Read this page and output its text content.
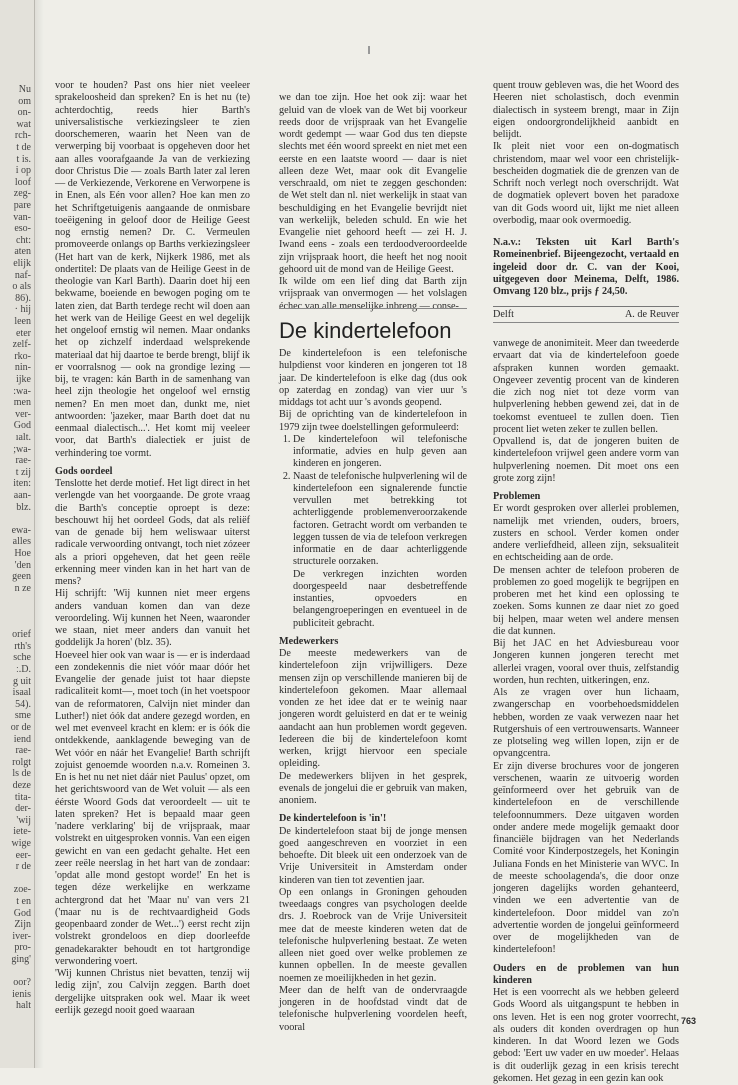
Nu
om
on-
wat
rch-
t de
t is.
i op
loof
zeg-
pare
van-
eso-
cht:
aten
elijk
naf-
o als
86).
· hij
leen
eter
zelf-
rko-
nin-
ijke
:wa-
men
ver-
God
ıalt.
;wa-
rae-
t zij
iten:
aan-
blz.
ewa-
alles
Hoe
'den
geen
n ze
orief
rth's
sche
ː.D.
g uit
isaal
54).
sme
or de
iend
rae-
rolgt
ls de
deze
tita-
der-
'wij
iete-
wige
eer-
r de
zoe-
t en
God
Zijn
iver-
pro-
ging'
oor?
ienis
halt

voor te houden? Past ons hier niet veeleer sprakeloosheid dan spreken? En is het nu (te) achterdochtig, reeds hier Barth's universalistische verkiezingsleer te zien doorschemeren, waarin het Neen van de verwerping bij voorbaat is opgeheven door het aan alles voorafgaande Ja van de verkiezing door Christus Die — zoals Barth later zal leren — de Verkiezende, Verkorene en Verworpene is in Enen, als Eén voor allen? Hoe kan men zo het Schriftgetuigenis aangaande de onmisbare toeëigening in geloof door de Heilige Geest nog ernstig nemen? Dr. C. Vermeulen promoveerde onlangs op Barths verkiezingsleer (Het hart van de kerk, Nijkerk 1986, met als ondertitel: De plaats van de Heilige Geest in de theologie van Karl Barth). Daarin doet hij een bekwame, boeiende en bewogen poging om te laten zien, dat Barth terdege recht wil doen aan het werk van de Heilige Geest en wel degelijk het ongeloof ernstig wil nemen. Maar ondanks het op zichzelf inderdaad welsprekende materiaal dat hij daartoe te berde brengt, blijf ik er voorralsnog — ook na grondige lezing — bij, te vragen: kán Barth in de samenhang van heel zijn theologie het ongeloof wel ernstig nemen? En men moet dan, dunkt me, niet antwoorden: 'jazeker, maar Barth doet dat nu eenmaal dialectisch...'. Het komt mij veeleer voor, dat Barth's dialectiek er juist de verhindering toe vormt.

Gods oordeel

Tenslotte het derde motief. Het ligt direct in het verlengde van het voorgaande. De grote vraag die Barth's conceptie oproept is deze: beschouwt hij het oordeel Gods, dat als reliëf van de genade bij hem weliswaar uiterst radicale verwoording ontvangt, toch niet zózeer als a priori opgeheven, dat het geen reële erkenning meer vinden kan in het hart van de mens?

Hij schrijft: 'Wij kunnen niet meer ergens anders vanduan komen dan van deze veroordeling. Wij kunnen het Neen, waaronder we staan, niet meer anders dan vanuit het goddelijk Ja horen' (blz. 35).

Hoeveel hier ook van waar is — er is inderdaad een zondekennis die niet vóór maar dóór het Evangelie der genade juist tot haar diepste radicaliteit komt—, moet toch (in het voetspoor van de reformatoren, Calvijn niet minder dan Luther!) niet óók dat andere gezegd worden, en wel met evenveel kracht en klem: er is óók die ontdekkende, aanklagende beweging van de Wet vóór en náár het Evangelie! Barth schrijft zojuist genoemde woorden n.a.v. Romeinen 3. En is het nu net niet dáár niet Paulus' opzet, om het gerichtswoord van de Wet voluit — als een éérste Woord Gods dat veroordeelt — uit te laten spreken? Het is bepaald maar geen 'nadere verklaring' bij de vrijspraak, maar volstrekt en uitgesproken vonnis. Van een eigen gewicht en van een gedacht gehalte. Het een zeer reële neerslag in het hart van de zondaar: 'opdat alle mond gestopt worde!' En het is tegen déze werkelijke en werkzame achtergrond dat het 'Maar nu' van vers 21 ('maar nu is de rechtvaardigheid Gods geopenbaard zonder de Wet...') eerst recht zijn volstrekt grondeloos en diep doorleefde genadekarakter behoudt en tot hartgrondige verwondering voert.

'Wij kunnen Christus niet bevatten, tenzij wij ledig zijn', zou Calvijn zeggen. Barth doet dergelijke uitspraken ook wel. Maar ik weet eerlijk gezegd nooit goed waaraan

we dan toe zijn. Hoe het ook zij: waar het geluid van de vloek van de Wet bij voorkeur reeds door de vrijspraak van het Evangelie wordt gedempt — waar God dus ten diepste slechts met één woord spreekt en niet met een eerste en een laatste woord — daar is niet alleen deze Wet, maar ook dit Evangelie verschraald, om niet te zeggen geschonden: de Wet stelt dan nl. niet werkelijk in staat van beschuldiging en het Evangelie bevrijdt niet van werkelijk, beleden schuld. En wie het Evangelie niet gehoord heeft — zei H. J. Iwand eens - zoals een terdoodveroordeelde zijn vrijspraak hoort, die heeft het nog nooit gehoord uit de mond van de Heilige Geest.
Ik wilde om een lief ding dat Barth zijn vrijspraak van onvermogen — het volslagen échec van alle menselijke inbreng — conse-

quent trouw gebleven was, die het Woord des Heeren niet scholastisch, doch evenmin dialectisch in systeem brengt, maar in Zijn eigen ondoorgrondelijkheid aanbidt en belijdt.
Ik pleit niet voor een on-dogmatisch christendom, maar wel voor een christelijk-bescheiden dogmatiek die de grenzen van de Schrift noch verlegt noch overschrijdt. Wat de dogmatiek oplevert boven het paradoxe van dit Gods woord uit, lijkt me niet alleen overbodig, maar ook overmoedig.

N.a.v.: Teksten uit Karl Barth's Romeinenbrief. Bijeengezocht, vertaald en ingeleid door dr. C. van der Kooi, uitgegeven door Meinema, Delft, 1986. Omvang 120 blz., prijs ƒ 24,50.

Delft	A. de Reuver
De kindertelefoon

De kindertelefoon is een telefonische hulpdienst voor kinderen en jongeren tot 18 jaar. De kindertelefoon is elke dag (dus ook op zaterdag en zondag) van vier uur 's middags tot acht uur 's avonds geopend.
Bij de oprichting van de kindertelefoon in 1979 zijn twee doelstellingen geformuleerd:

1. De kindertelefoon wil telefonische informatie, advies en hulp geven aan kinderen en jongeren.
2. Naast de telefonische hulpverlening wil de kindertelefoon een signalerende functie vervullen met betrekking tot achterliggende problemenveroorzakende factoren. Getracht wordt om verbanden te leggen tussen de via de telefoon verkregen informatie en de daar achterliggende structurele oorzaken.
De verkregen inzichten worden doorgespeeld naar desbetreffende instanties, opvoeders en belangengroeperingen en eventueel in de publiciteit gebracht.

Medewerkers

De meeste medewerkers van de kindertelefoon zijn vrijwilligers. Deze mensen zijn op verschillende manieren bij de kindertelefoon gekomen. Maar allemaal vonden ze het idee dat er te weinig naar jongeren wordt geluisterd en dat er te weinig aandacht aan hun problemen wordt gegeven. Iedereen die bij de kindertelefoon komt werken, krijgt hiervoor een speciale opleiding.
De medewerkers blijven in het gesprek, evenals de jongelui die er gebruik van maken, anoniem.

De kindertelefoon is 'in'!

De kindertelefoon staat bij de jonge mensen goed aangeschreven en voorziet in een behoefte. Dit bleek uit een onderzoek van de Vrije Universiteit in Amsterdam onder kinderen van tien tot zeventien jaar.
Op een onlangs in Groningen gehouden tweedaags congres van psychologen deelde drs. J. Roebrock van de Vrije Universiteit mee dat de meeste kinderen weten dat de telefonische hulpverlening bestaat. Ze weten alleen niet goed over welke problemen ze kunnen opbellen. In de meeste gevallen noemen ze moeilijkheden in het gezin.
Meer dan de helft van de ondervraagde jongeren in de hoofdstad vindt dat de telefonische hulpverlening voordelen heeft, vooral

vanwege de anonimiteit. Meer dan tweederde ervaart dat via de kindertelefoon goede afspraken kunnen worden gemaakt. Ongeveer zeventig procent van de kinderen die zich nog niet tot deze vorm van hulpverlening hebben gewend zei, dat in de toekomst eventueel te zullen doen. Tien procent liet weten zeker te zullen bellen.
Opvallend is, dat de jongeren buiten de kindertelefoon vrijwel geen andere vorm van hulpverlening noemen. Dit moet ons een grote zorg zijn!

Problemen

Er wordt gesproken over allerlei problemen, namelijk met vrienden, ouders, broers, zusters en school. Verder komen onder andere verliefdheid, alleen zijn, seksualiteit en echtscheiding aan de orde.
De mensen achter de telefoon proberen de problemen zo goed mogelijk te begrijpen en proberen met het kind een oplossing te zoeken. Soms kunnen ze daar niet zo goed bij helpen, maar weten wel andere mensen die dat kunnen.
Bij het JAC en het Adviesbureau voor Jongeren kunnen jongeren terecht met allerlei vragen, vooral over thuis, zelfstandig worden, hun rechten, uitkeringen, enz.
Als ze vragen over hun lichaam, zwangerschap en voorbehoedsmiddelen hebben, worden ze vaak verwezen naar het Rutgershuis of een vertrouwensarts. Wanneer ze plotseling weg willen lopen, zijn er de opvangcentra.
Er zijn diverse brochures voor de jongeren verschenen, waarin ze uitvoerig worden geïnformeerd over het gebruik van de kindertelefoon en de verschillende telefoonnummers. Deze uitgaven worden onder andere mede mogelijk gemaakt door financiële bijdragen van het Nederlands Comité voor Kinderpostzegels, het Koningin Juliana Fonds en het Ministerie van WVC. In de meeste schoolagenda's, die door onze jongeren dagelijks worden gehanteerd, vinden we een advertentie van de kindertelefoon. Door middel van zo'n advertentie worden de jongelui geïnformeerd over de mogelijkheden van de kindertelefoon!

Ouders en de problemen van hun kinderen

Het is een voorrecht als we hebben geleerd Gods Woord als uitgangspunt te hebben in ons leven. Het is een nog groter voorrecht, als ouders dit konden overdragen op hun kinderen. In dat Woord lezen we Gods gebod: 'Eert uw vader en uw moeder'. Helaas is dit ouderlijk gezag in een krisis terecht gekomen. Het gezag in een gezin kan ook

763
